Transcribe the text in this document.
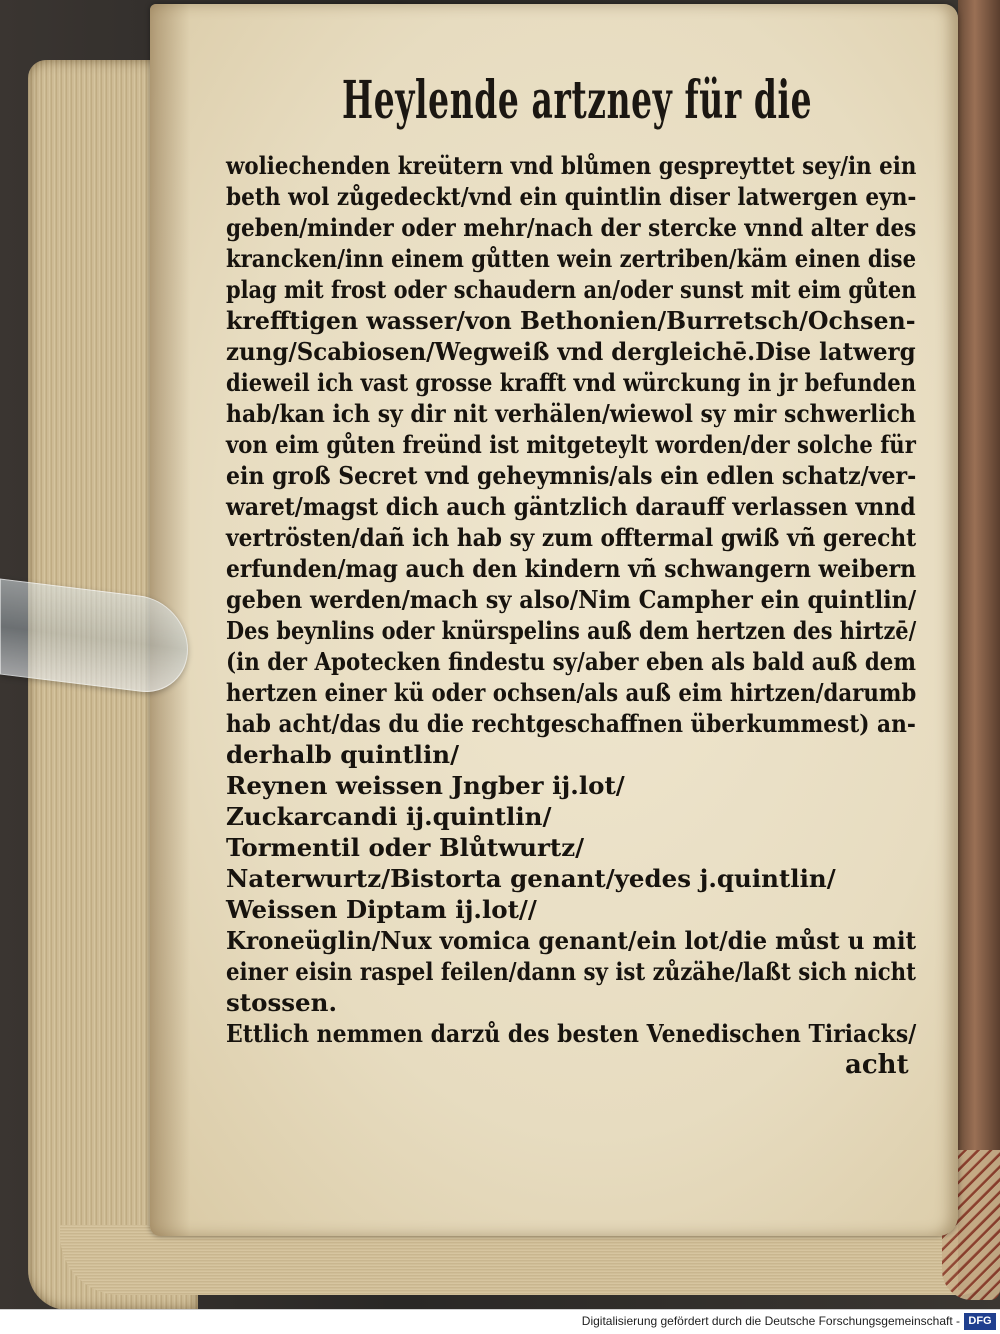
Heylende artzney für die
woliechenden kreütern vnd blůmen gespreyttet sey/in ein
beth wol zůgedeckt/vnd ein quintlin diser latwergen eyn-
geben/minder oder mehr/nach der stercke vnnd alter des
krancken/inn einem gůtten wein zertriben/käm einen dise
plag mit frost oder schaudern an/oder sunst mit eim gůten
krefftigen wasser/von Bethonien/Burretsch/Ochsen-
zung/Scabiosen/Wegweiß vnd dergleichē.Dise latwerg
dieweil ich vast grosse krafft vnd würckung in jr befunden
hab/kan ich sy dir nit verhälen/wiewol sy mir schwerlich
von eim gůten freünd ist mitgeteylt worden/der solche für
ein groß Secret vnd geheymnis/als ein edlen schatz/ver-
waret/magst dich auch gäntzlich darauff verlassen vnnd
vertrösten/dañ ich hab sy zum offtermal gwiß vñ gerecht
erfunden/mag auch den kindern vñ schwangern weibern
geben werden/mach sy also/Nim Campher ein quintlin/
Des beynlins oder knürspelins auß dem hertzen des hirtzē/
(in der Apotecken findestu sy/aber eben als bald auß dem
hertzen einer kü oder ochsen/als auß eim hirtzen/darumb
hab acht/das du die rechtgeschaffnen überkummest) an-
derhalb quintlin/
Reynen weissen Jngber ij.lot/
Zuckarcandi ij.quintlin/
Tormentil oder Blůtwurtz/
Naterwurtz/Bistorta genant/yedes j.quintlin/
Weissen Diptam ij.lot//
Kroneüglin/Nux vomica genant/ein lot/die můst u mit
einer eisin raspel feilen/dann sy ist zůzähe/laßt sich nicht
stossen.
Ettlich nemmen darzů des besten Venedischen Tiriacks/
acht
Digitalisierung gefördert durch die Deutsche Forschungsgemeinschaft - DFG
